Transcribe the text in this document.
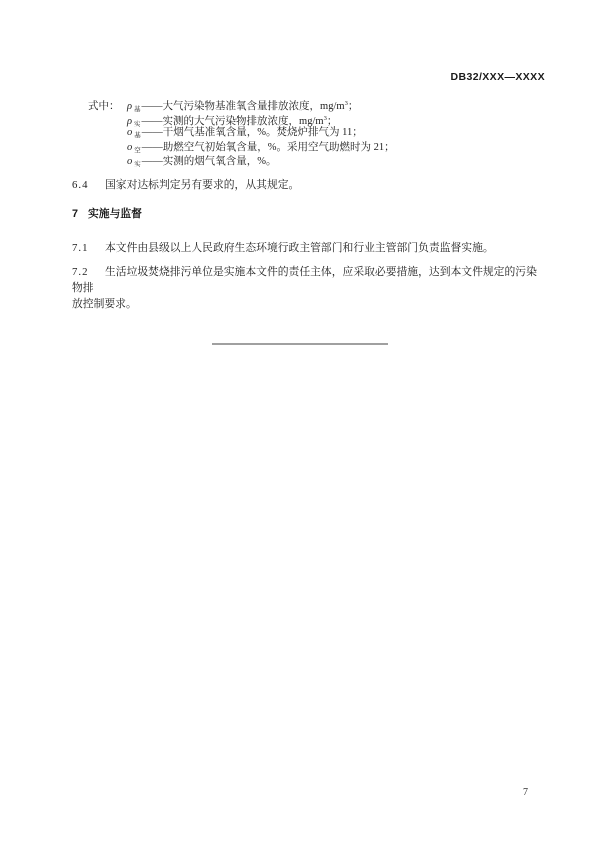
DB32/XXX—XXXX
式中： ρ $_基$——大气污染物基准氧含量排放浓度，$mg/m^3$；
ρ $_实$——实测的大气污染物排放浓度，$mg/m^3$；
o $_基$——干烟气基准氧含量，%。焚烧炉排气为 11；
o $_空$——助燃空气初始氧含量，%。采用空气助燃时为 21；
o $_实$——实测的烟气氧含量，%。
6.4 国家对达标判定另有要求的，从其规定。
7 实施与监督
7.1 本文件由县级以上人民政府生态环境行政主管部门和行业主管部门负责监督实施。
7.2 生活垃圾焚烧排污单位是实施本文件的责任主体，应采取必要措施，达到本文件规定的污染物排
放控制要求。
7
